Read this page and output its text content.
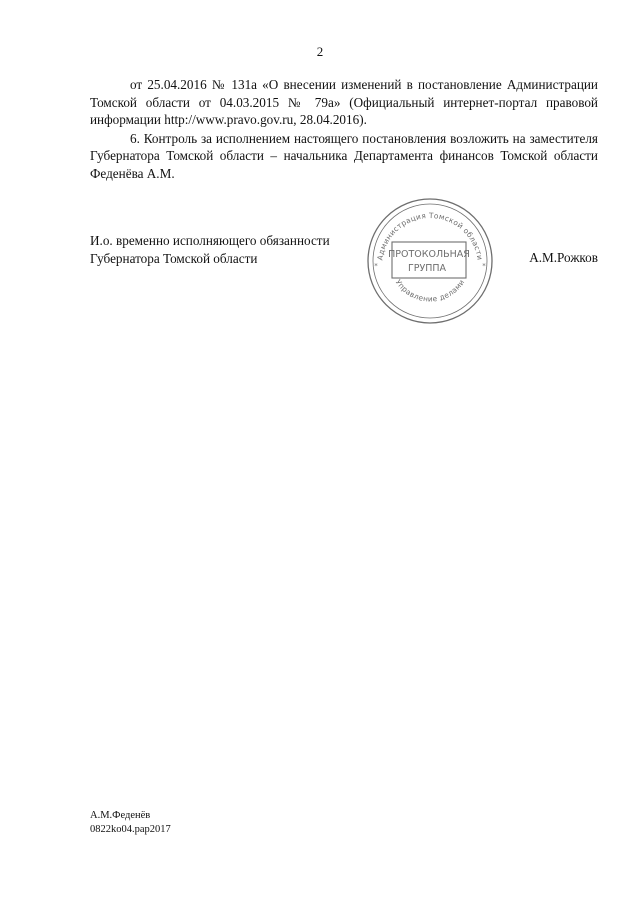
2

от 25.04.2016 № 131а «О внесении изменений в постановление Администрации Томской области от 04.03.2015 № 79а» (Официальный интернет-портал правовой информации http://www.pravo.gov.ru, 28.04.2016).

6. Контроль за исполнением настоящего постановления возложить на заместителя Губернатора Томской области – начальника Департамента финансов Томской области Феденёва А.М.

И.о. временно исполняющего обязанности
Губернатора Томской области	А.М.Рожков
Администрация Томской области
Управление делами
ПРОТОКОЛЬНАЯ
ГРУППА
*	*
А.М.Феденёв
0822ko04.pap2017
